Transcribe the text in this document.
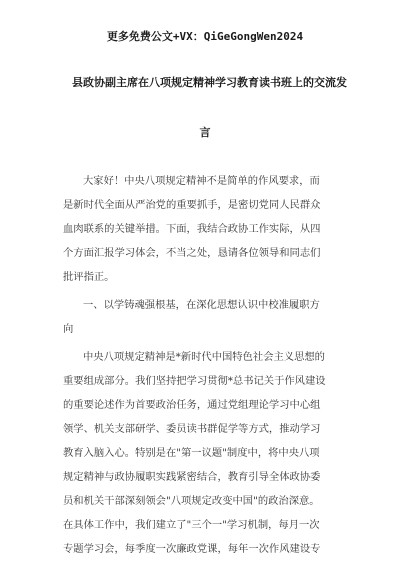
更多免费公文+VX：QiGeGongWen2024
县政协副主席在八项规定精神学习教育读书班上的交流发
言
大家好！中央八项规定精神不是简单的作风要求，而
是新时代全面从严治党的重要抓手，是密切党同人民群众
血肉联系的关键举措。下面，我结合政协工作实际，从四
个方面汇报学习体会，不当之处，恳请各位领导和同志们
批评指正。
一、以学铸魂强根基，在深化思想认识中校准履职方
向
中央八项规定精神是*新时代中国特色社会主义思想的
重要组成部分。我们坚持把学习贯彻*总书记关于作风建设
的重要论述作为首要政治任务，通过党组理论学习中心组
领学、机关支部研学、委员读书群促学等方式，推动学习
教育入脑入心。特别是在"第一议题"制度中，将中央八项
规定精神与政协履职实践紧密结合，教育引导全体政协委
员和机关干部深刻领会"八项规定改变中国"的政治深意。
在具体工作中，我们建立了"三个一"学习机制，每月一次
专题学习会，每季度一次廉政党课，每年一次作风建设专
